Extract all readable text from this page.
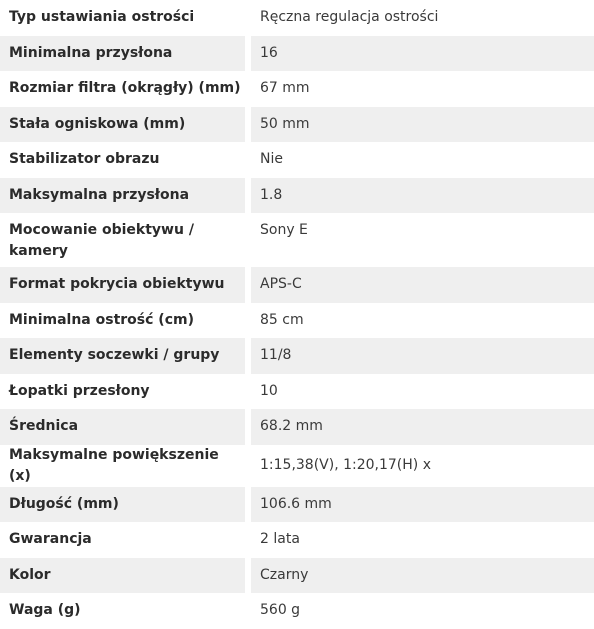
Typ ustawiania ostrości		Ręczna regulacja ostrości
Minimalna przysłona		16
Rozmiar filtra (okrągły) (mm)		67 mm
Stała ogniskowa (mm)		50 mm
Stabilizator obrazu		Nie
Maksymalna przysłona		1.8
Mocowanie obiektywu / kamery		Sony E
Format pokrycia obiektywu		APS-C
Minimalna ostrość (cm)		85 cm
Elementy soczewki / grupy		11/8
Łopatki przesłony		10
Średnica		68.2 mm
Maksymalne powiększenie (x)		1:15,38(V), 1:20,17(H) x
Długość (mm)		106.6 mm
Gwarancja		2 lata
Kolor		Czarny
Waga (g)		560 g
